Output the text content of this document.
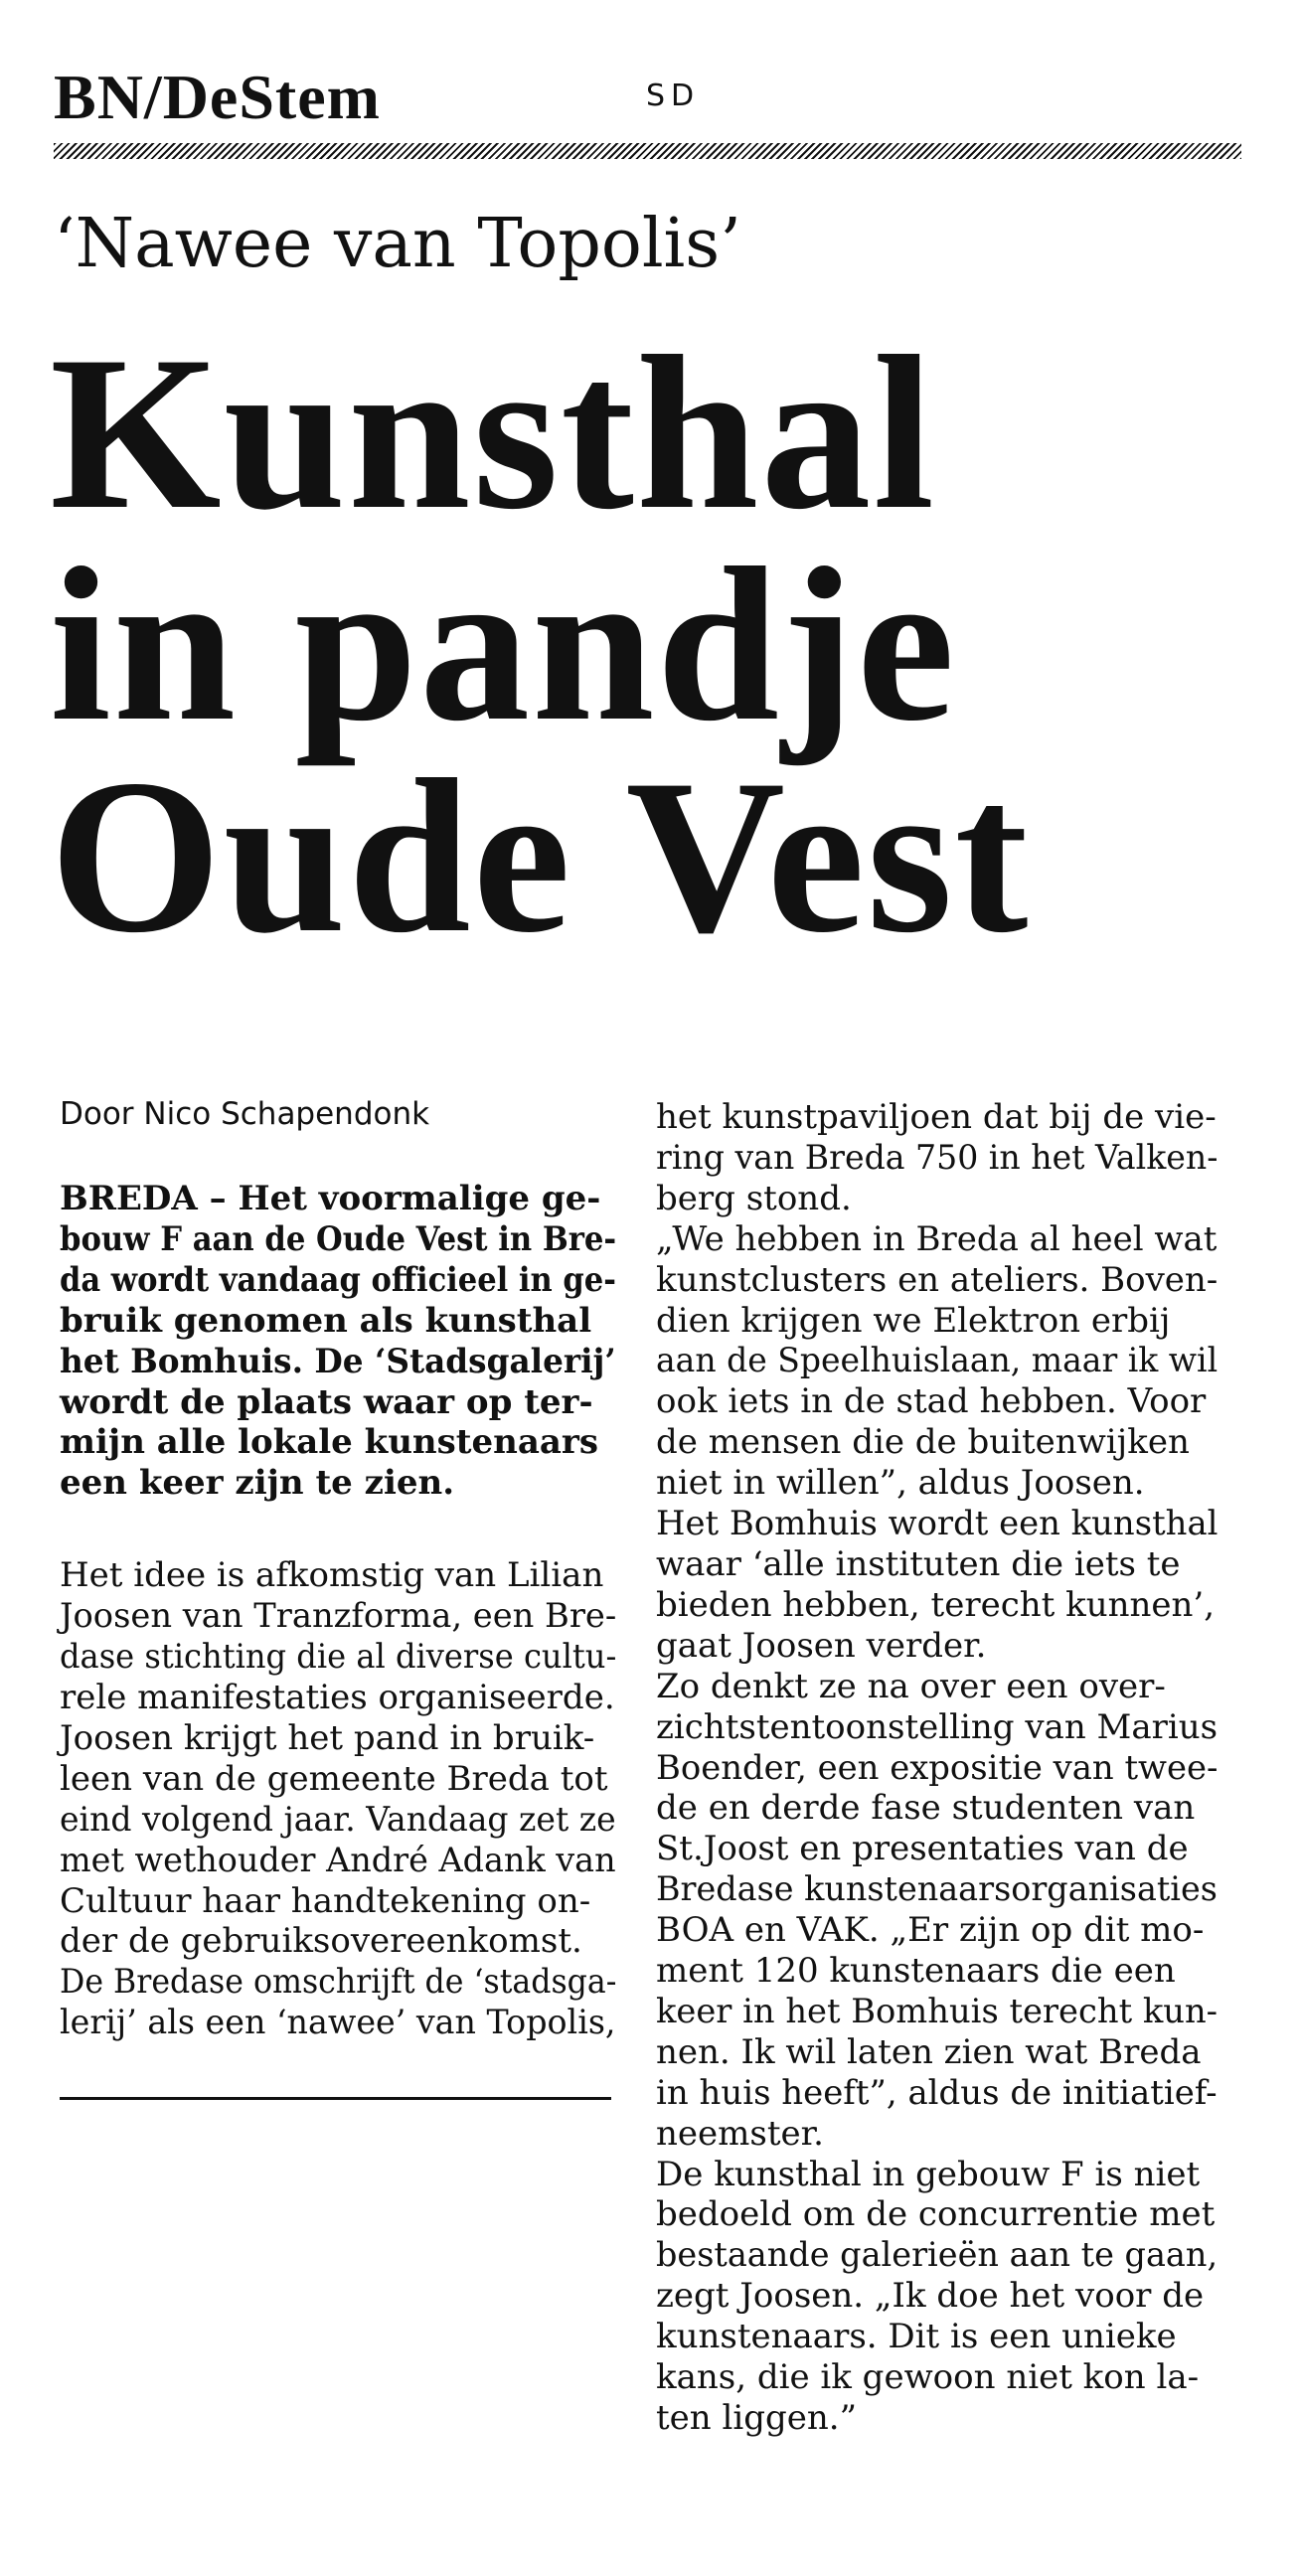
BN/DeStem	SD
‘Nawee van Topolis’
Kunsthal
in pandje
Oude Vest
Door Nico Schapendonk
BREDA – Het voormalige ge-
bouw F aan de Oude Vest in Bre-
da wordt vandaag officieel in ge-
bruik genomen als kunsthal
het Bomhuis. De ‘Stadsgalerij’
wordt de plaats waar op ter-
mijn alle lokale kunstenaars
een keer zijn te zien.
Het idee is afkomstig van Lilian
Joosen van Tranzforma, een Bre-
dase stichting die al diverse cultu-
rele manifestaties organiseerde.
Joosen krijgt het pand in bruik-
leen van de gemeente Breda tot
eind volgend jaar. Vandaag zet ze
met wethouder André Adank van
Cultuur haar handtekening on-
der de gebruiksovereenkomst.
De Bredase omschrijft de ‘stadsga-
lerij’ als een ‘nawee’ van Topolis,
het kunstpaviljoen dat bij de vie-
ring van Breda 750 in het Valken-
berg stond.
„We hebben in Breda al heel wat
kunstclusters en ateliers. Boven-
dien krijgen we Elektron erbij
aan de Speelhuislaan, maar ik wil
ook iets in de stad hebben. Voor
de mensen die de buitenwijken
niet in willen”, aldus Joosen.
Het Bomhuis wordt een kunsthal
waar ‘alle instituten die iets te
bieden hebben, terecht kunnen’,
gaat Joosen verder.
Zo denkt ze na over een over-
zichtstentoonstelling van Marius
Boender, een expositie van twee-
de en derde fase studenten van
St.Joost en presentaties van de
Bredase kunstenaarsorganisaties
BOA en VAK. „Er zijn op dit mo-
ment 120 kunstenaars die een
keer in het Bomhuis terecht kun-
nen. Ik wil laten zien wat Breda
in huis heeft”, aldus de initiatief-
neemster.
De kunsthal in gebouw F is niet
bedoeld om de concurrentie met
bestaande galerieën aan te gaan,
zegt Joosen. „Ik doe het voor de
kunstenaars. Dit is een unieke
kans, die ik gewoon niet kon la-
ten liggen.”
